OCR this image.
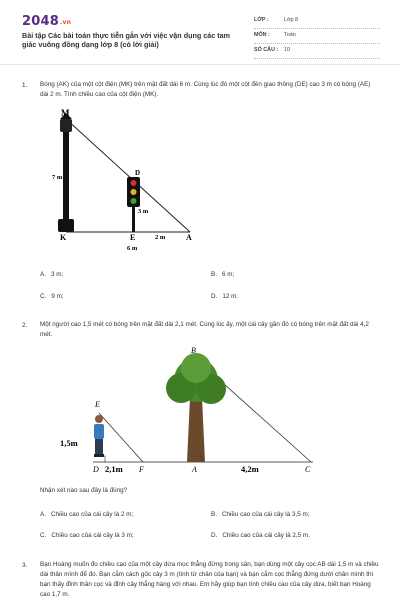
2048.vn
Bài tập Các bài toán thực tiễn gắn với việc vận dụng các tam giác vuông đồng dạng lớp 8 (có lời giải)
LỚP :	Lớp 8
MÔN :	Toán
SỐ CÂU : 10
1. Bóng (AK) của một cột điện (MK) trên mặt đất dài 6 m. Cùng lúc đó một cột đèn giao thông (DE) cao 3 m có bóng (AE) dài 2 m. Tính chiều cao của cột điện (MK).
M
K
D
E	A
7 m
3 m
2 m
6 m
A. 3 m;	B. 6 m;
C. 9 m;	D. 12 m.
2. Một người cao 1,5 mét có bóng trên mặt đất dài 2,1 mét. Cùng lúc ấy, một cái cây gần đó có bóng trên mặt đất dài 4,2 mét.
B
E
1,5m
D 2,1m F	A	4,2m	C
Nhận xét nào sau đây là đúng?
A. Chiều cao của cái cây là 2 m;	B. Chiều cao của cái cây là 3,5 m;
C. Chiều cao của cái cây là 3 m;	D. Chiều cao của cái cây là 2,5 m.
3. Bạn Hoàng muốn đo chiều cao của một cây dừa mọc thẳng đứng trong sân, bạn dùng một cây cọc AB dài 1,5 m và chiều dài thân mình để đo. Bạn cắm cách gốc cây 3 m (tính từ chân của bạn) và bạn cắm cọc thẳng đứng dưới chân mình thì bạn thấy đỉnh thân cọc và đỉnh cây thẳng hàng với nhau. Em hãy giúp bạn tính chiều cao của cây dừa, biết bạn Hoàng cao 1,7 m.
